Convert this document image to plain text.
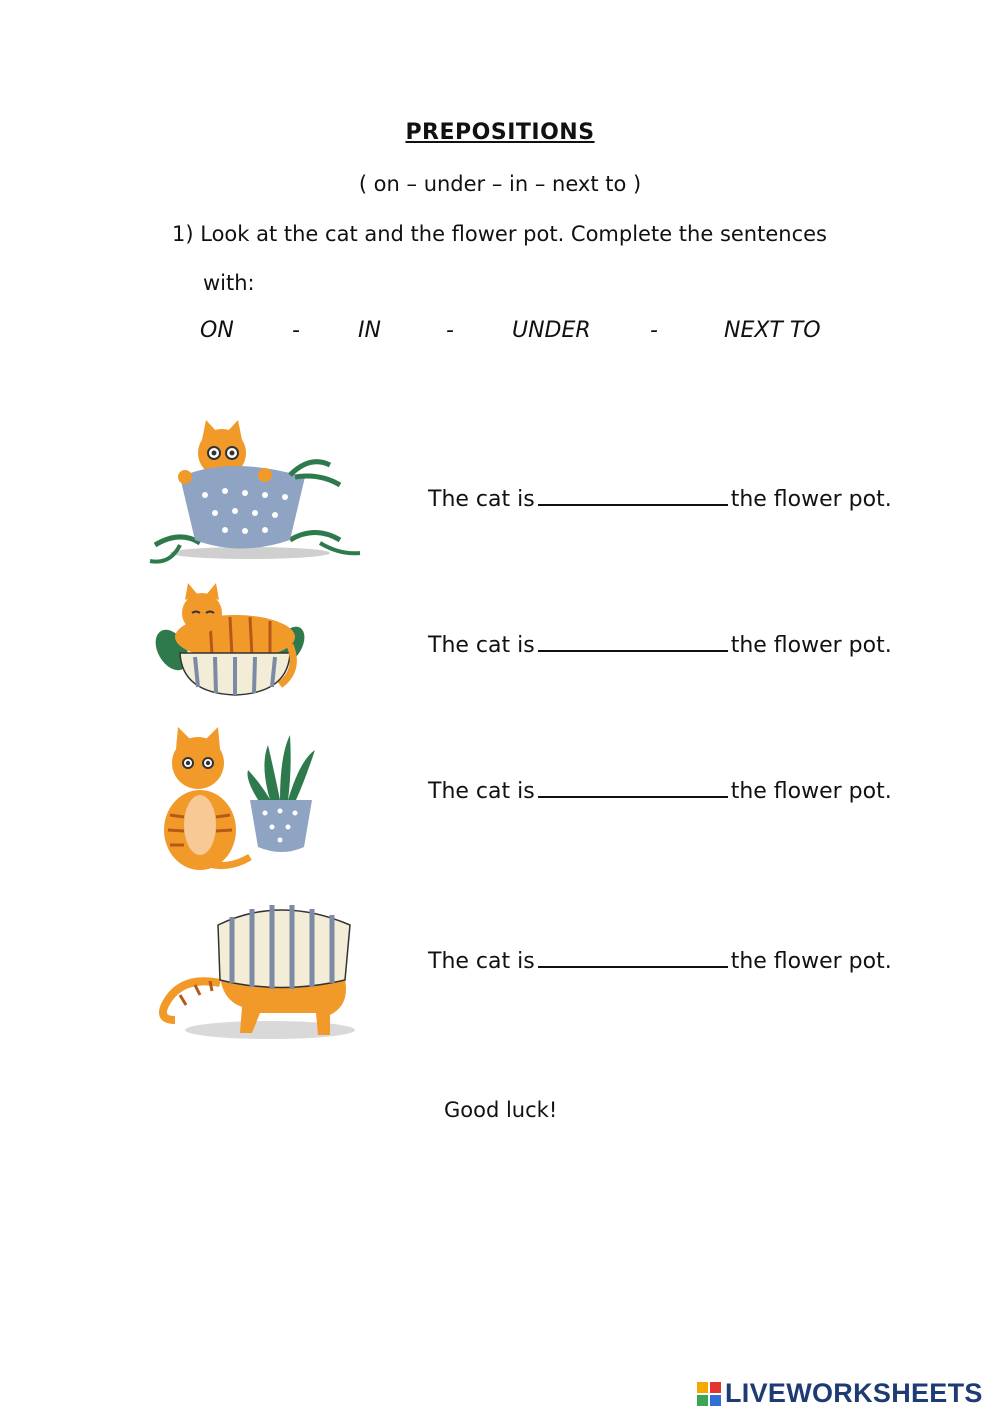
PREPOSITIONS
( on – under – in – next to )
1) Look at the cat and the flower pot. Complete the sentences
with:
ON	-	IN	-	UNDER	-	NEXT TO
The cat is	the flower pot.
The cat is	the flower pot.
The cat is	the flower pot.
The cat is	the flower pot.
Good luck!
LIVEWORKSHEETS
